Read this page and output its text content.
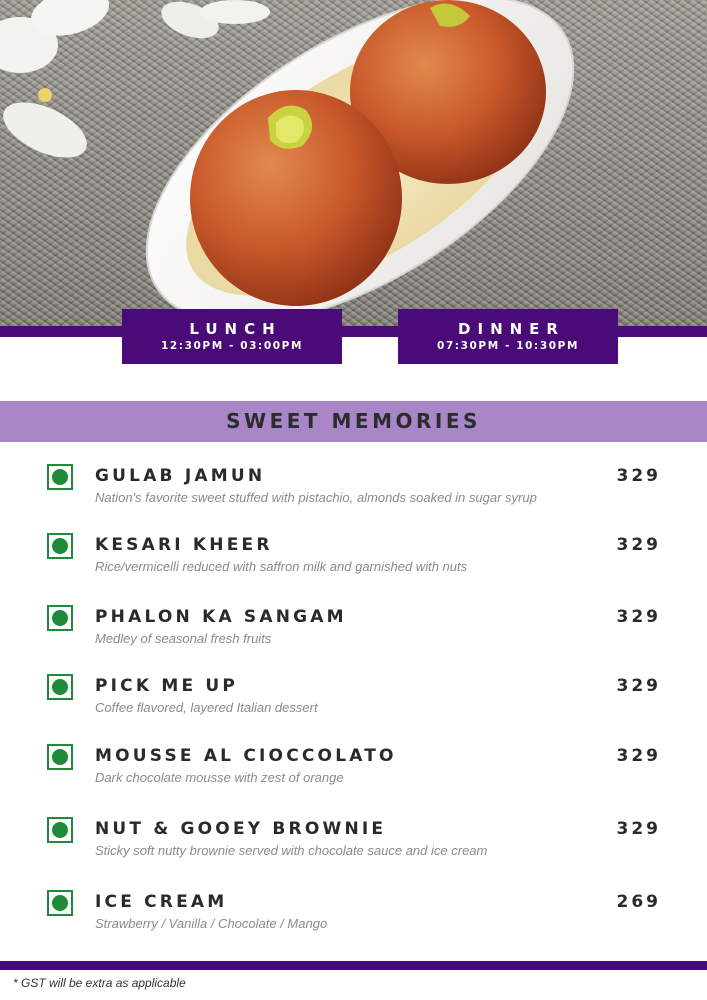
LUNCH
12:30PM - 03:00PM
DINNER
07:30PM - 10:30PM
SWEET MEMORIES
GULAB JAMUN	329
Nation's favorite sweet stuffed with pistachio, almonds soaked in sugar syrup
KESARI KHEER	329
Rice/vermicelli reduced with saffron milk and garnished with nuts
PHALON KA SANGAM	329
Medley of seasonal fresh fruits
PICK ME UP	329
Coffee flavored, layered Italian dessert
MOUSSE AL CIOCCOLATO	329
Dark chocolate mousse with zest of orange
NUT & GOOEY BROWNIE	329
Sticky soft nutty brownie served with chocolate sauce and ice cream
ICE CREAM	269
Strawberry / Vanilla / Chocolate / Mango
* GST will be extra as applicable
